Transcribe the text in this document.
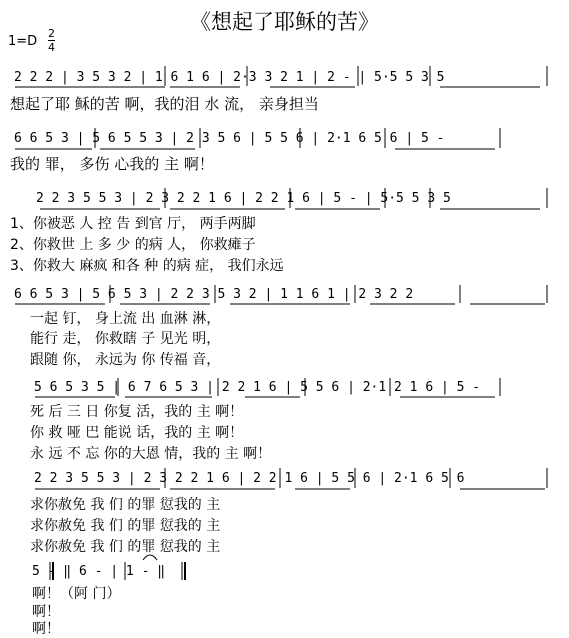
《想起了耶稣的苦》
1=D
2
4
2 2 2 | 3 5 3 2 | 1 6 1 6 | 2·3 3 2 1 | 2 - | 5·5 5 3 5
想起了耶 稣的苦 啊，我的泪 水 流， 亲身担当
6 6 5 3 | 5 6 5 5 3 | 2 3 5 6 | 5 5 6 | 2·1 6 5 6 | 5 -
我的 罪， 多伤 心我的 主 啊！
2 2 3 5 5 3 | 2 3 2 2 1 6 | 2 2 1 6 | 5 - | 5·5 5 3 5
1、你被恶 人 控 告 到官 厅， 两手两脚
2、你救世 上 多 少 的病 人， 你救瘫子
3、你救大 麻疯 和各 种 的病 症， 我们永远
6 6 5 3 | 5 6 5 3 | 2 2 3 5 3 2 | 1 1 6 1 | 2 3 2 2
一起 钉， 身上流 出 血淋 淋，
能行 走， 你救瞎 子 见光 明，
跟随 你， 永远为 你 传福 音，
5 6 5 3 5 | 6 7 6 5 3 | 2 2 1 6 | 5 5 6 | 2·1 2 1 6 | 5 -
死 后 三 日 你复 活，我的 主 啊！
你 救 哑 巴 能说 话，我的 主 啊！
永 远 不 忘 你的大恩 情，我的 主 啊！
2 2 3 5 5 3 | 2 3 2 2 1 6 | 2 2 1 6 | 5 5 6 | 2·1 6 5 6
求你赦免 我 们 的罪 愆我的 主
求你赦免 我 们 的罪 愆我的 主
求你赦免 我 们 的罪 愆我的 主
5 - ‖ 6 - | 1 - ‖
啊！（阿 门）
啊！
啊！
